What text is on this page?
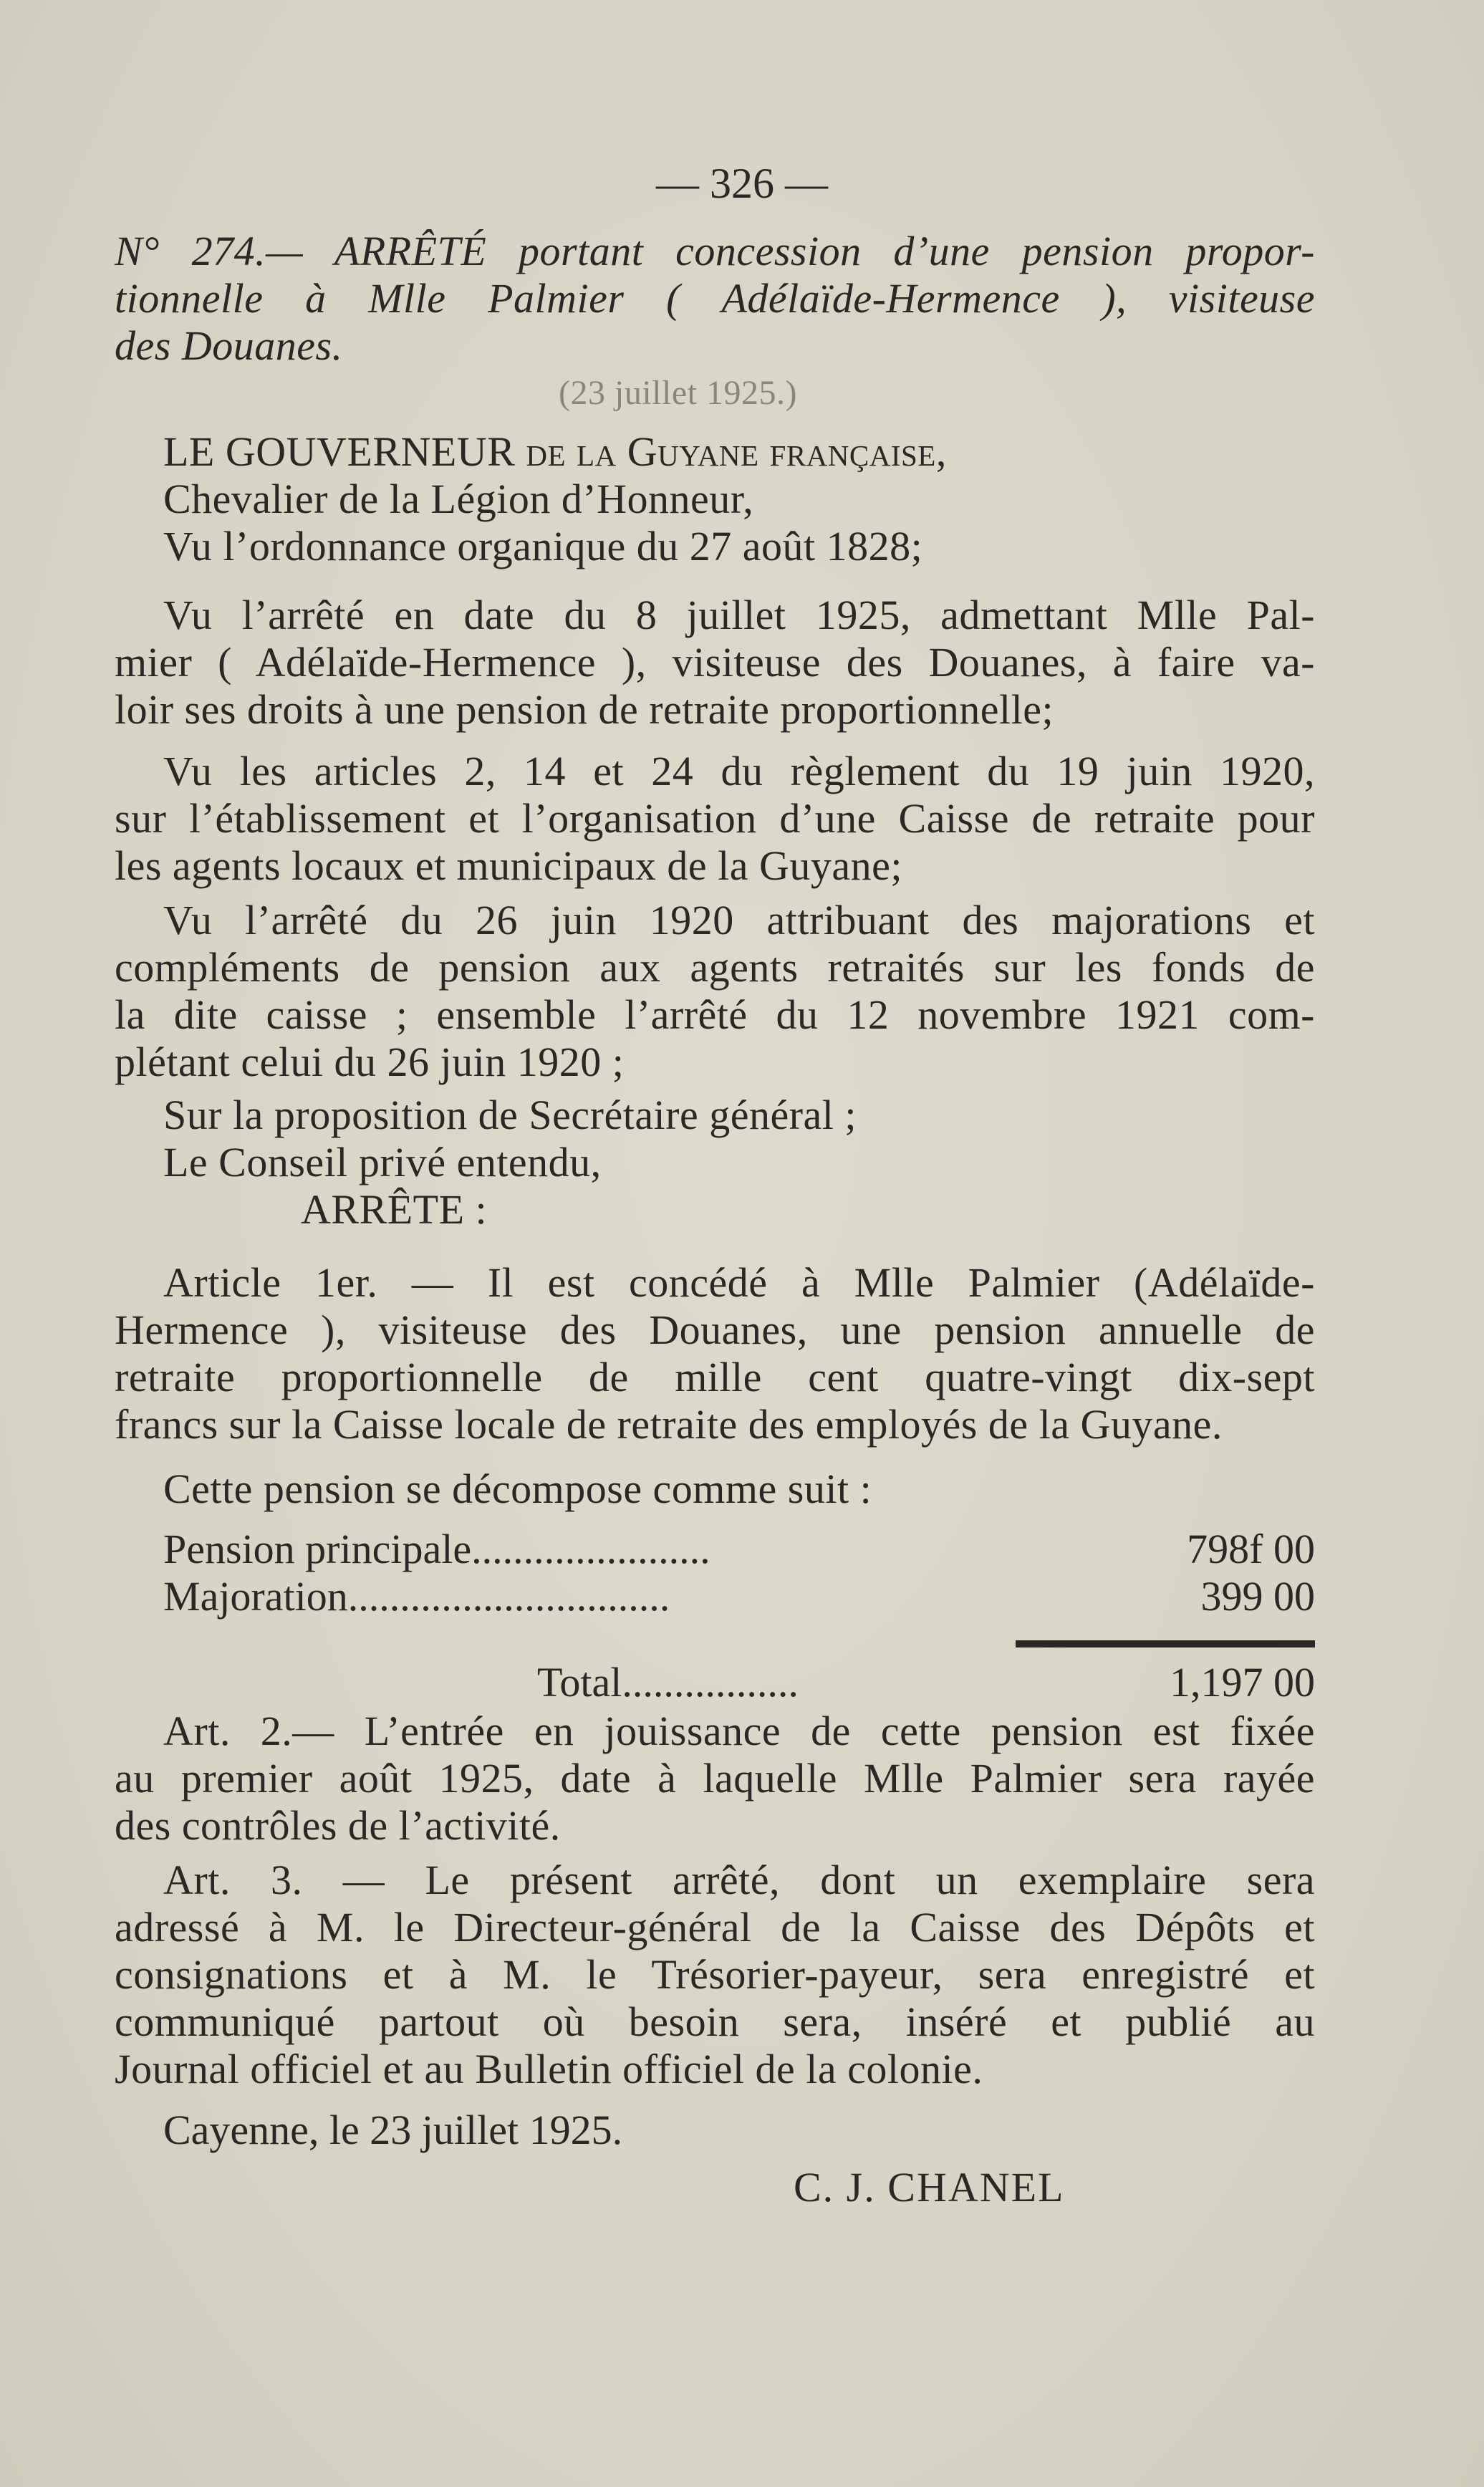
— 326 —
N° 274.— ARRÊTÉ portant concession d’une pension propor-
tionnelle à Mlle Palmier ( Adélaïde-Hermence ), visiteuse
des Douanes.
(23 juillet 1925.)
LE GOUVERNEUR de la Guyane française,
Chevalier de la Légion d’Honneur,
Vu l’ordonnance organique du 27 août 1828;
Vu l’arrêté en date du 8 juillet 1925, admettant Mlle Pal-
mier ( Adélaïde-Hermence ), visiteuse des Douanes, à faire va-
loir ses droits à une pension de retraite proportionnelle;
Vu les articles 2, 14 et 24 du règlement du 19 juin 1920,
sur l’établissement et l’organisation d’une Caisse de retraite pour
les agents locaux et municipaux de la Guyane;
Vu l’arrêté du 26 juin 1920 attribuant des majorations et
compléments de pension aux agents retraités sur les fonds de
la dite caisse ; ensemble l’arrêté du 12 novembre 1921 com-
plétant celui du 26 juin 1920 ;
Sur la proposition de Secrétaire général ;
Le Conseil privé entendu,
ARRÊTE :
Article 1er. — Il est concédé à Mlle Palmier (Adélaïde-
Hermence ), visiteuse des Douanes, une pension annuelle de
retraite proportionnelle de mille cent quatre-vingt dix-sept
francs sur la Caisse locale de retraite des employés de la Guyane.
Cette pension se décompose comme suit :
Pension principale.......................	798f 00
Majoration...............................	399 00
Total.................	1,197 00
Art. 2.— L’entrée en jouissance de cette pension est fixée
au premier août 1925, date à laquelle Mlle Palmier sera rayée
des contrôles de l’activité.
Art. 3. — Le présent arrêté, dont un exemplaire sera
adressé à M. le Directeur-général de la Caisse des Dépôts et
consignations et à M. le Trésorier-payeur, sera enregistré et
communiqué partout où besoin sera, inséré et publié au
Journal officiel et au Bulletin officiel de la colonie.
Cayenne, le 23 juillet 1925.
C. J. CHANEL
